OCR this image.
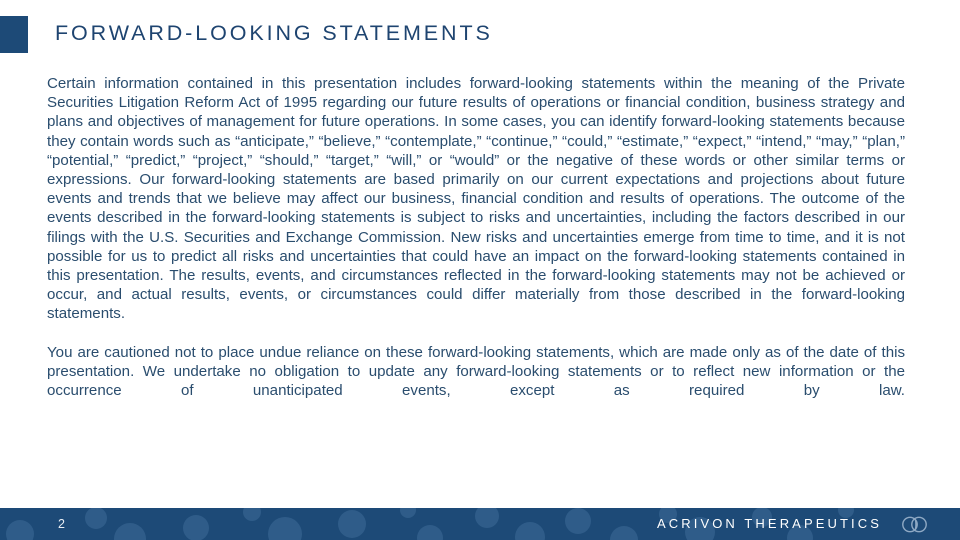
FORWARD-LOOKING STATEMENTS

Certain information contained in this presentation includes forward-looking statements within the meaning of the Private Securities Litigation Reform Act of 1995 regarding our future results of operations or financial condition, business strategy and plans and objectives of management for future operations. In some cases, you can identify forward-looking statements because they contain words such as “anticipate,” “believe,” “contemplate,” “continue,” “could,” “estimate,” “expect,” “intend,” “may,” “plan,” “potential,” “predict,” “project,” “should,” “target,” “will,” or “would” or the negative of these words or other similar terms or expressions. Our forward-looking statements are based primarily on our current expectations and projections about future events and trends that we believe may affect our business, financial condition and results of operations. The outcome of the events described in the forward-looking statements is subject to risks and uncertainties, including the factors described in our filings with the U.S. Securities and Exchange Commission. New risks and uncertainties emerge from time to time, and it is not possible for us to predict all risks and uncertainties that could have an impact on the forward-looking statements contained in this presentation. The results, events, and circumstances reflected in the forward-looking statements may not be achieved or occur, and actual results, events, or circumstances could differ materially from those described in the forward-looking statements.

You are cautioned not to place undue reliance on these forward-looking statements, which are made only as of the date of this presentation. We undertake no obligation to update any forward-looking statements or to reflect new information or the occurrence of unanticipated events, except as required by law.

2	ACRIVON THERAPEUTICS
